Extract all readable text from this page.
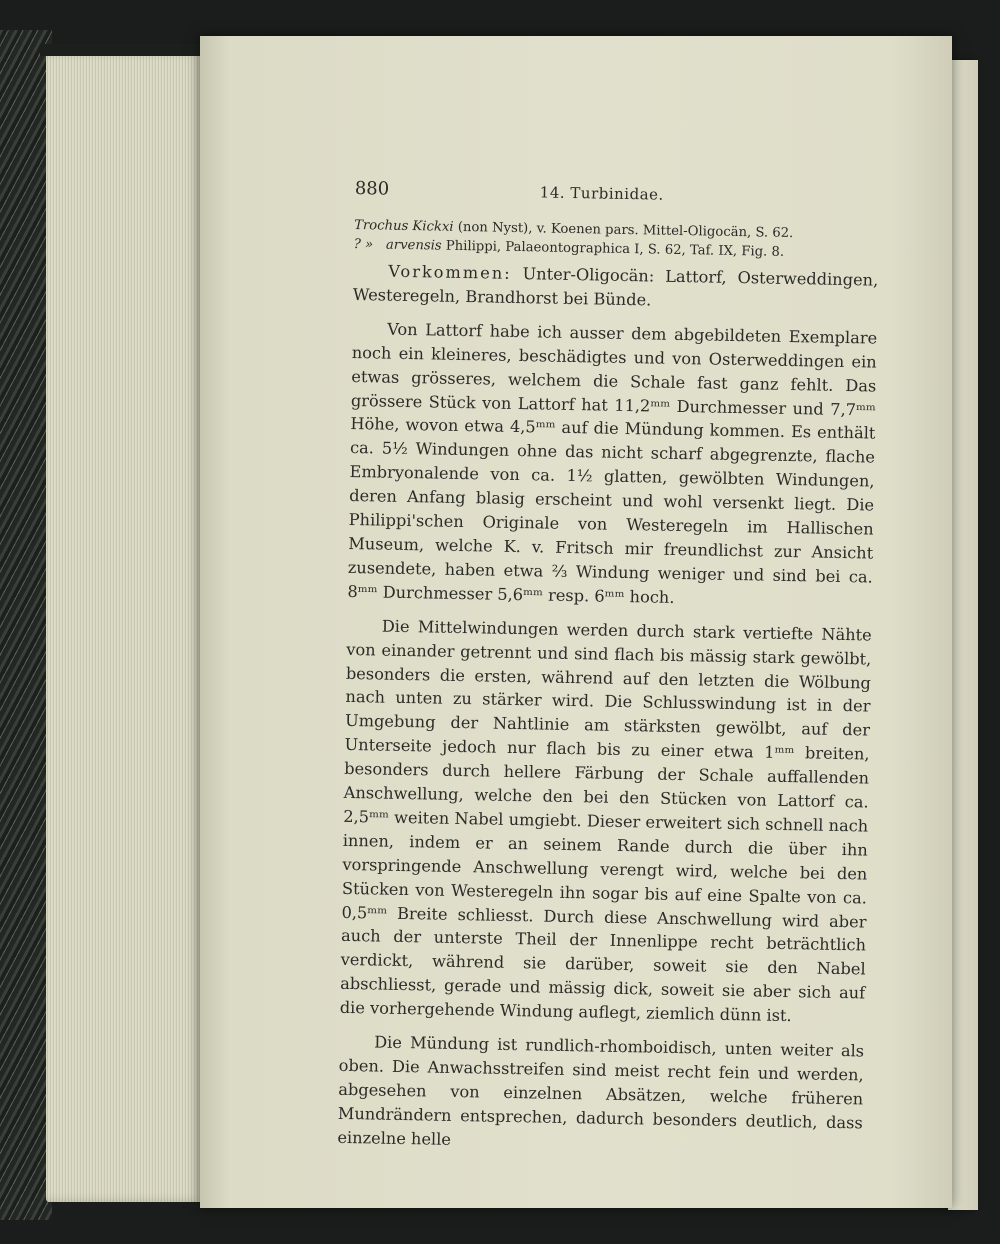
880	14. Turbinidae.
Trochus Kickxi (non Nyst), v. Koenen pars. Mittel-Oligocän, S. 62.
? » arvensis Philippi, Palaeontographica I, S. 62, Taf. IX, Fig. 8.

Vorkommen: Unter-Oligocän: Lattorf, Osterweddingen, Westeregeln, Brandhorst bei Bünde.

Von Lattorf habe ich ausser dem abgebildeten Exemplare noch ein kleineres, beschädigtes und von Osterweddingen ein etwas grösseres, welchem die Schale fast ganz fehlt. Das grössere Stück von Lattorf hat 11,2ᵐᵐ Durchmesser und 7,7ᵐᵐ Höhe, wovon etwa 4,5ᵐᵐ auf die Mündung kommen. Es enthält ca. 5½ Windungen ohne das nicht scharf abgegrenzte, flache Embryonalende von ca. 1½ glatten, gewölbten Windungen, deren Anfang blasig erscheint und wohl versenkt liegt. Die Philippi'schen Originale von Westeregeln im Hallischen Museum, welche K. v. Fritsch mir freundlichst zur Ansicht zusendete, haben etwa ⅔ Windung weniger und sind bei ca. 8ᵐᵐ Durchmesser 5,6ᵐᵐ resp. 6ᵐᵐ hoch.

Die Mittelwindungen werden durch stark vertiefte Nähte von einander getrennt und sind flach bis mässig stark gewölbt, besonders die ersten, während auf den letzten die Wölbung nach unten zu stärker wird. Die Schlusswindung ist in der Umgebung der Nahtlinie am stärksten gewölbt, auf der Unterseite jedoch nur flach bis zu einer etwa 1ᵐᵐ breiten, besonders durch hellere Färbung der Schale auffallenden Anschwellung, welche den bei den Stücken von Lattorf ca. 2,5ᵐᵐ weiten Nabel umgiebt. Dieser erweitert sich schnell nach innen, indem er an seinem Rande durch die über ihn vorspringende Anschwellung verengt wird, welche bei den Stücken von Westeregeln ihn sogar bis auf eine Spalte von ca. 0,5ᵐᵐ Breite schliesst. Durch diese Anschwellung wird aber auch der unterste Theil der Innenlippe recht beträchtlich verdickt, während sie darüber, soweit sie den Nabel abschliesst, gerade und mässig dick, soweit sie aber sich auf die vorhergehende Windung auflegt, ziemlich dünn ist.

Die Mündung ist rundlich-rhomboidisch, unten weiter als oben. Die Anwachsstreifen sind meist recht fein und werden, abgesehen von einzelnen Absätzen, welche früheren Mundrändern entsprechen, dadurch besonders deutlich, dass einzelne helle
